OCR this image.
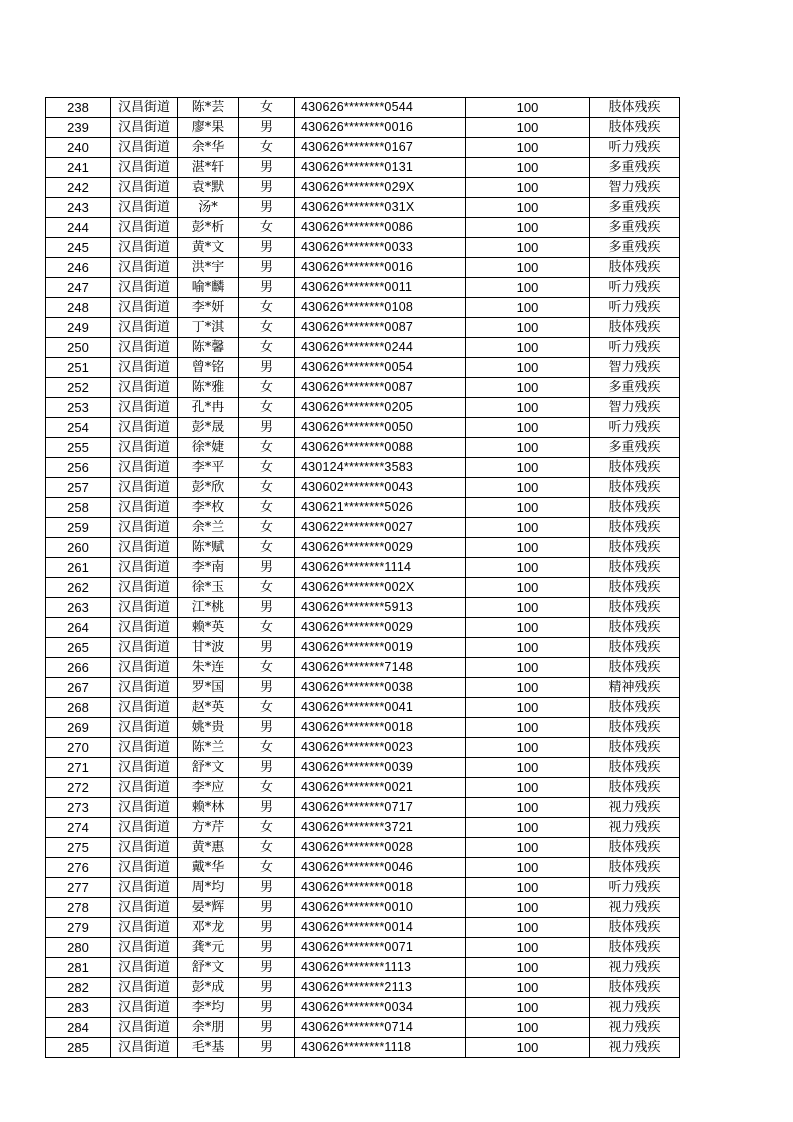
238	汉昌街道	陈*芸	女	430626********0544	100	肢体残疾
239	汉昌街道	廖*果	男	430626********0016	100	肢体残疾
240	汉昌街道	余*华	女	430626********0167	100	听力残疾
241	汉昌街道	湛*轩	男	430626********0131	100	多重残疾
242	汉昌街道	袁*默	男	430626********029X	100	智力残疾
243	汉昌街道	汤*	男	430626********031X	100	多重残疾
244	汉昌街道	彭*析	女	430626********0086	100	多重残疾
245	汉昌街道	黄*文	男	430626********0033	100	多重残疾
246	汉昌街道	洪*宇	男	430626********0016	100	肢体残疾
247	汉昌街道	喻*麟	男	430626********0011	100	听力残疾
248	汉昌街道	李*妍	女	430626********0108	100	听力残疾
249	汉昌街道	丁*淇	女	430626********0087	100	肢体残疾
250	汉昌街道	陈*馨	女	430626********0244	100	听力残疾
251	汉昌街道	曾*铭	男	430626********0054	100	智力残疾
252	汉昌街道	陈*雅	女	430626********0087	100	多重残疾
253	汉昌街道	孔*冉	女	430626********0205	100	智力残疾
254	汉昌街道	彭*晟	男	430626********0050	100	听力残疾
255	汉昌街道	徐*婕	女	430626********0088	100	多重残疾
256	汉昌街道	李*平	女	430124********3583	100	肢体残疾
257	汉昌街道	彭*欣	女	430602********0043	100	肢体残疾
258	汉昌街道	李*枚	女	430621********5026	100	肢体残疾
259	汉昌街道	余*兰	女	430622********0027	100	肢体残疾
260	汉昌街道	陈*赋	女	430626********0029	100	肢体残疾
261	汉昌街道	李*南	男	430626********1114	100	肢体残疾
262	汉昌街道	徐*玉	女	430626********002X	100	肢体残疾
263	汉昌街道	江*桃	男	430626********5913	100	肢体残疾
264	汉昌街道	赖*英	女	430626********0029	100	肢体残疾
265	汉昌街道	甘*波	男	430626********0019	100	肢体残疾
266	汉昌街道	朱*连	女	430626********7148	100	肢体残疾
267	汉昌街道	罗*国	男	430626********0038	100	精神残疾
268	汉昌街道	赵*英	女	430626********0041	100	肢体残疾
269	汉昌街道	姚*贵	男	430626********0018	100	肢体残疾
270	汉昌街道	陈*兰	女	430626********0023	100	肢体残疾
271	汉昌街道	舒*文	男	430626********0039	100	肢体残疾
272	汉昌街道	李*应	女	430626********0021	100	肢体残疾
273	汉昌街道	赖*林	男	430626********0717	100	视力残疾
274	汉昌街道	方*芹	女	430626********3721	100	视力残疾
275	汉昌街道	黄*惠	女	430626********0028	100	肢体残疾
276	汉昌街道	戴*华	女	430626********0046	100	肢体残疾
277	汉昌街道	周*均	男	430626********0018	100	听力残疾
278	汉昌街道	晏*辉	男	430626********0010	100	视力残疾
279	汉昌街道	邓*龙	男	430626********0014	100	肢体残疾
280	汉昌街道	龚*元	男	430626********0071	100	肢体残疾
281	汉昌街道	舒*文	男	430626********1113	100	视力残疾
282	汉昌街道	彭*成	男	430626********2113	100	肢体残疾
283	汉昌街道	李*均	男	430626********0034	100	视力残疾
284	汉昌街道	余*朋	男	430626********0714	100	视力残疾
285	汉昌街道	毛*基	男	430626********1118	100	视力残疾
